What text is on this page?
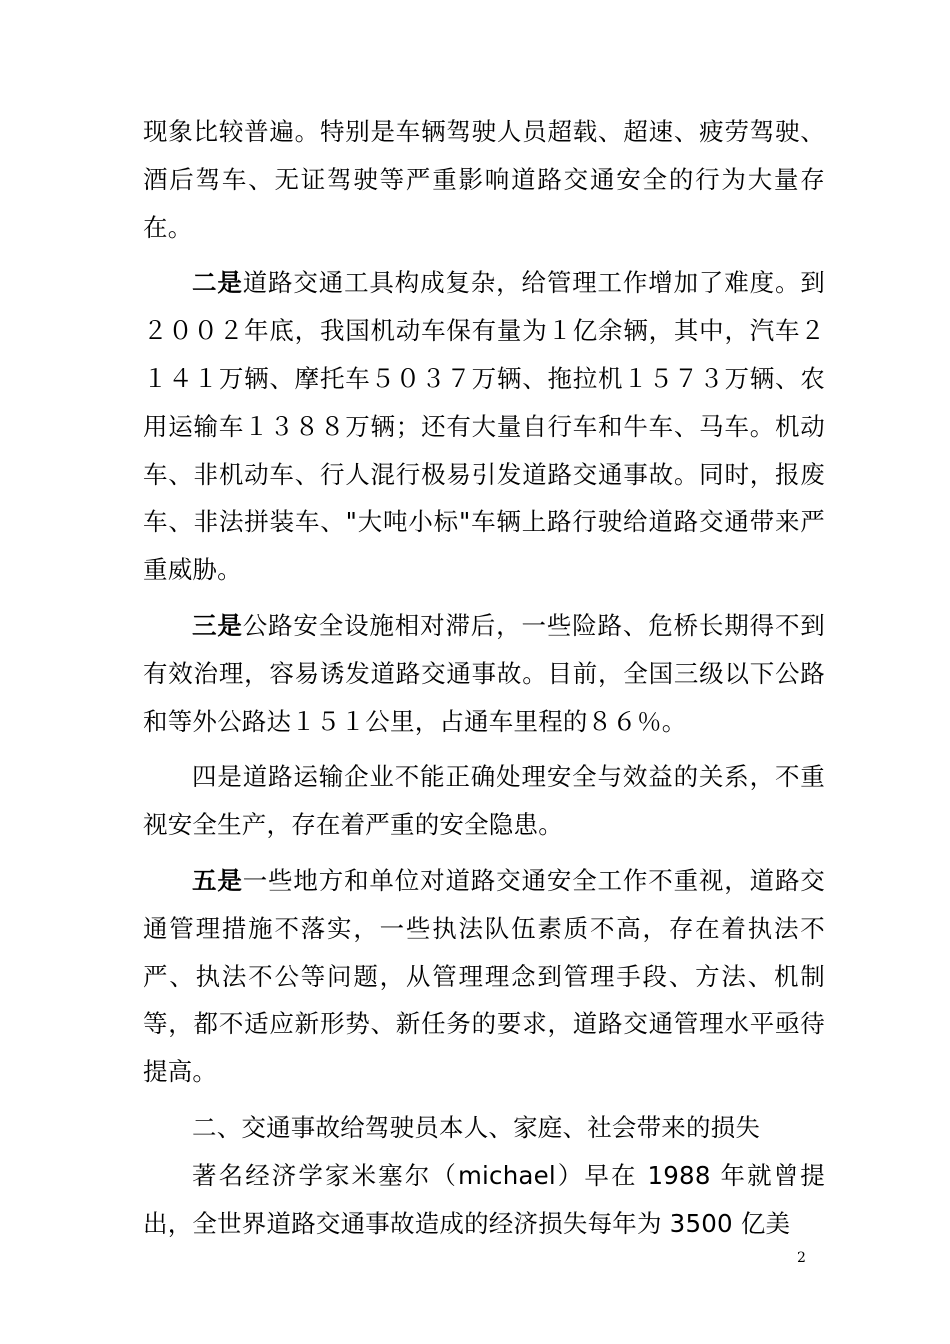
现象比较普遍。特别是车辆驾驶人员超载、超速、疲劳驾驶、酒后驾车、无证驾驶等严重影响道路交通安全的行为大量存在。

二是道路交通工具构成复杂，给管理工作增加了难度。到２００２年底，我国机动车保有量为１亿余辆，其中，汽车２１４１万辆、摩托车５０３７万辆、拖拉机１５７３万辆、农用运输车１３８８万辆；还有大量自行车和牛车、马车。机动车、非机动车、行人混行极易引发道路交通事故。同时，报废车、非法拼装车、"大吨小标"车辆上路行驶给道路交通带来严重威胁。

三是公路安全设施相对滞后，一些险路、危桥长期得不到有效治理，容易诱发道路交通事故。目前，全国三级以下公路和等外公路达１５１公里，占通车里程的８６％。

四是道路运输企业不能正确处理安全与效益的关系，不重视安全生产，存在着严重的安全隐患。

五是一些地方和单位对道路交通安全工作不重视，道路交通管理措施不落实，一些执法队伍素质不高，存在着执法不严、执法不公等问题，从管理理念到管理手段、方法、机制等，都不适应新形势、新任务的要求，道路交通管理水平亟待提高。

二、交通事故给驾驶员本人、家庭、社会带来的损失

著名经济学家米塞尔（michael）早在 1988 年就曾提出，全世界道路交通事故造成的经济损失每年为 3500 亿美

2
